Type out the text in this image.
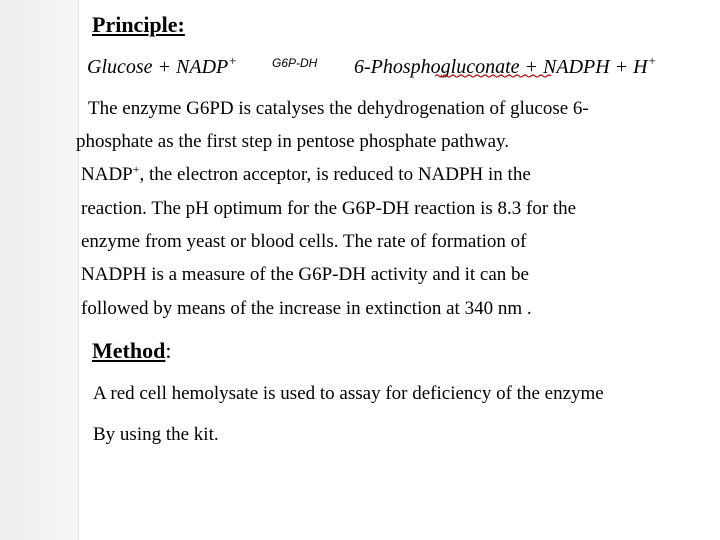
Principle:
Glucose + NADP+	G6P-DH 6-Phosphogluconate + NADPH + H+
The enzyme G6PD is catalyses the dehydrogenation of glucose 6-
phosphate as the first step in pentose phosphate pathway.
NADP+, the electron acceptor, is reduced to NADPH in the
reaction. The pH optimum for the G6P-DH reaction is 8.3 for the
enzyme from yeast or blood cells. The rate of formation of
NADPH is a measure of the G6P-DH activity and it can be
followed by means of the increase in extinction at 340 nm .
Method:
A red cell hemolysate is used to assay for deficiency of the enzyme
By using the kit.
